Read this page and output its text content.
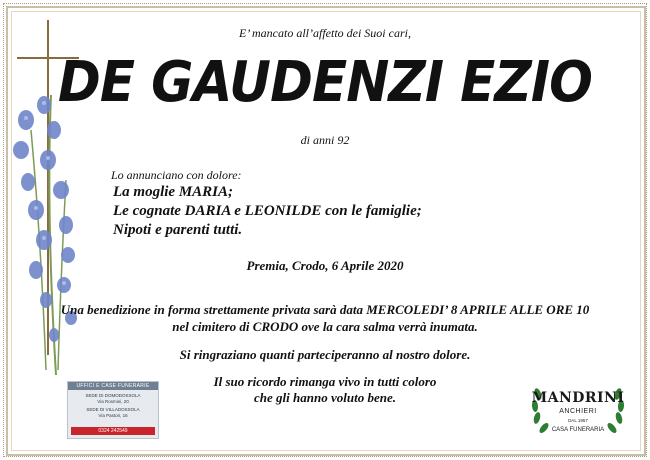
E’ mancato all’affetto dei Suoi cari,
DE GAUDENZI EZIO
di anni 92
Lo annunciano con dolore:
La moglie MARIA;
Le cognate DARIA e LEONILDE con le famiglie;
Nipoti e parenti tutti.
Premia, Crodo, 6 Aprile 2020
Una benedizione in forma strettamente privata sarà data MERCOLEDI’ 8 APRILE ALLE ORE 10
nel cimitero di CRODO ove la cara salma verrà inumata.
Si ringraziano quanti parteciperanno al nostro dolore.
Il suo ricordo rimanga vivo in tutti coloro
che gli hanno voluto bene.
UFFICI E CASE FUNERARIE
SEDE DI DOMODOSSOLA
Via Rosmini, 20
SEDE DI VILLADOSSOLA
Via Pastori, 16
0324 242549
MANDRINI
ANCHIERI
DAL 1957
CASA FUNERARIA
